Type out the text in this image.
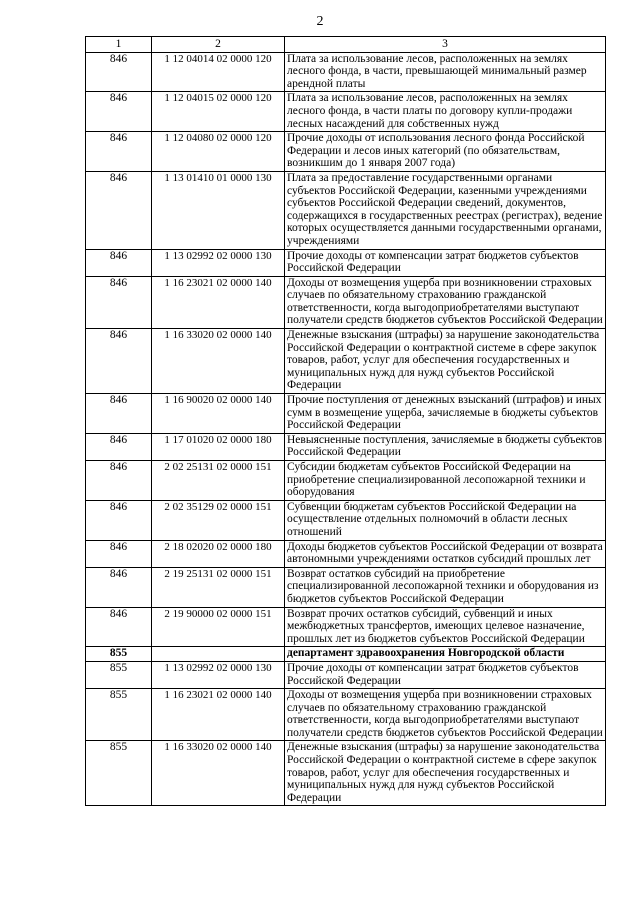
2
1	2	3
846	1 12 04014 02 0000 120	Плата за использование лесов, расположенных на землях лесного фонда, в части, превышающей минимальный размер арендной платы
846	1 12 04015 02 0000 120	Плата за использование лесов, расположенных на землях лесного фонда, в части платы по договору купли-продажи лесных насаждений для собственных нужд
846	1 12 04080 02 0000 120	Прочие доходы от использования лесного фонда Российской Федерации и лесов иных категорий (по обязательствам, возникшим до 1 января 2007 года)
846	1 13 01410 01 0000 130	Плата за предоставление государственными органами субъектов Российской Федерации, казенными учреждениями субъектов Российской Федерации сведений, документов, содержащихся в государственных реестрах (регистрах), ведение которых осуществляется данными государственными органами, учреждениями
846	1 13 02992 02 0000 130	Прочие доходы от компенсации затрат бюджетов субъектов Российской Федерации
846	1 16 23021 02 0000 140	Доходы от возмещения ущерба при возникновении страховых случаев по обязательному страхованию гражданской ответственности, когда выгодоприобретателями выступают получатели средств бюджетов субъектов Российской Федерации
846	1 16 33020 02 0000 140	Денежные взыскания (штрафы) за нарушение законодательства Российской Федерации о контрактной системе в сфере закупок товаров, работ, услуг для обеспечения государственных и муниципальных нужд для нужд субъектов Российской Федерации
846	1 16 90020 02 0000 140	Прочие поступления от денежных взысканий (штрафов) и иных сумм в возмещение ущерба, зачисляемые в бюджеты субъектов Российской Федерации
846	1 17 01020 02 0000 180	Невыясненные поступления, зачисляемые в бюджеты субъектов Российской Федерации
846	2 02 25131 02 0000 151	Субсидии бюджетам субъектов Российской Федерации на приобретение специализированной лесопожарной техники и оборудования
846	2 02 35129 02 0000 151	Субвенции бюджетам субъектов Российской Федерации на осуществление отдельных полномочий в области лесных отношений
846	2 18 02020 02 0000 180	Доходы бюджетов субъектов Российской Федерации от возврата автономными учреждениями остатков субсидий прошлых лет
846	2 19 25131 02 0000 151	Возврат остатков субсидий на приобретение специализированной лесопожарной техники и оборудования из бюджетов субъектов Российской Федерации
846	2 19 90000 02 0000 151	Возврат прочих остатков субсидий, субвенций и иных межбюджетных трансфертов, имеющих целевое назначение, прошлых лет из бюджетов субъектов Российской Федерации
855		департамент здравоохранения Новгородской области
855	1 13 02992 02 0000 130	Прочие доходы от компенсации затрат бюджетов субъектов Российской Федерации
855	1 16 23021 02 0000 140	Доходы от возмещения ущерба при возникновении страховых случаев по обязательному страхованию гражданской ответственности, когда выгодоприобретателями выступают получатели средств бюджетов субъектов Российской Федерации
855	1 16 33020 02 0000 140	Денежные взыскания (штрафы) за нарушение законодательства Российской Федерации о контрактной системе в сфере закупок товаров, работ, услуг для обеспечения государственных и муниципальных нужд для нужд субъектов Российской Федерации
